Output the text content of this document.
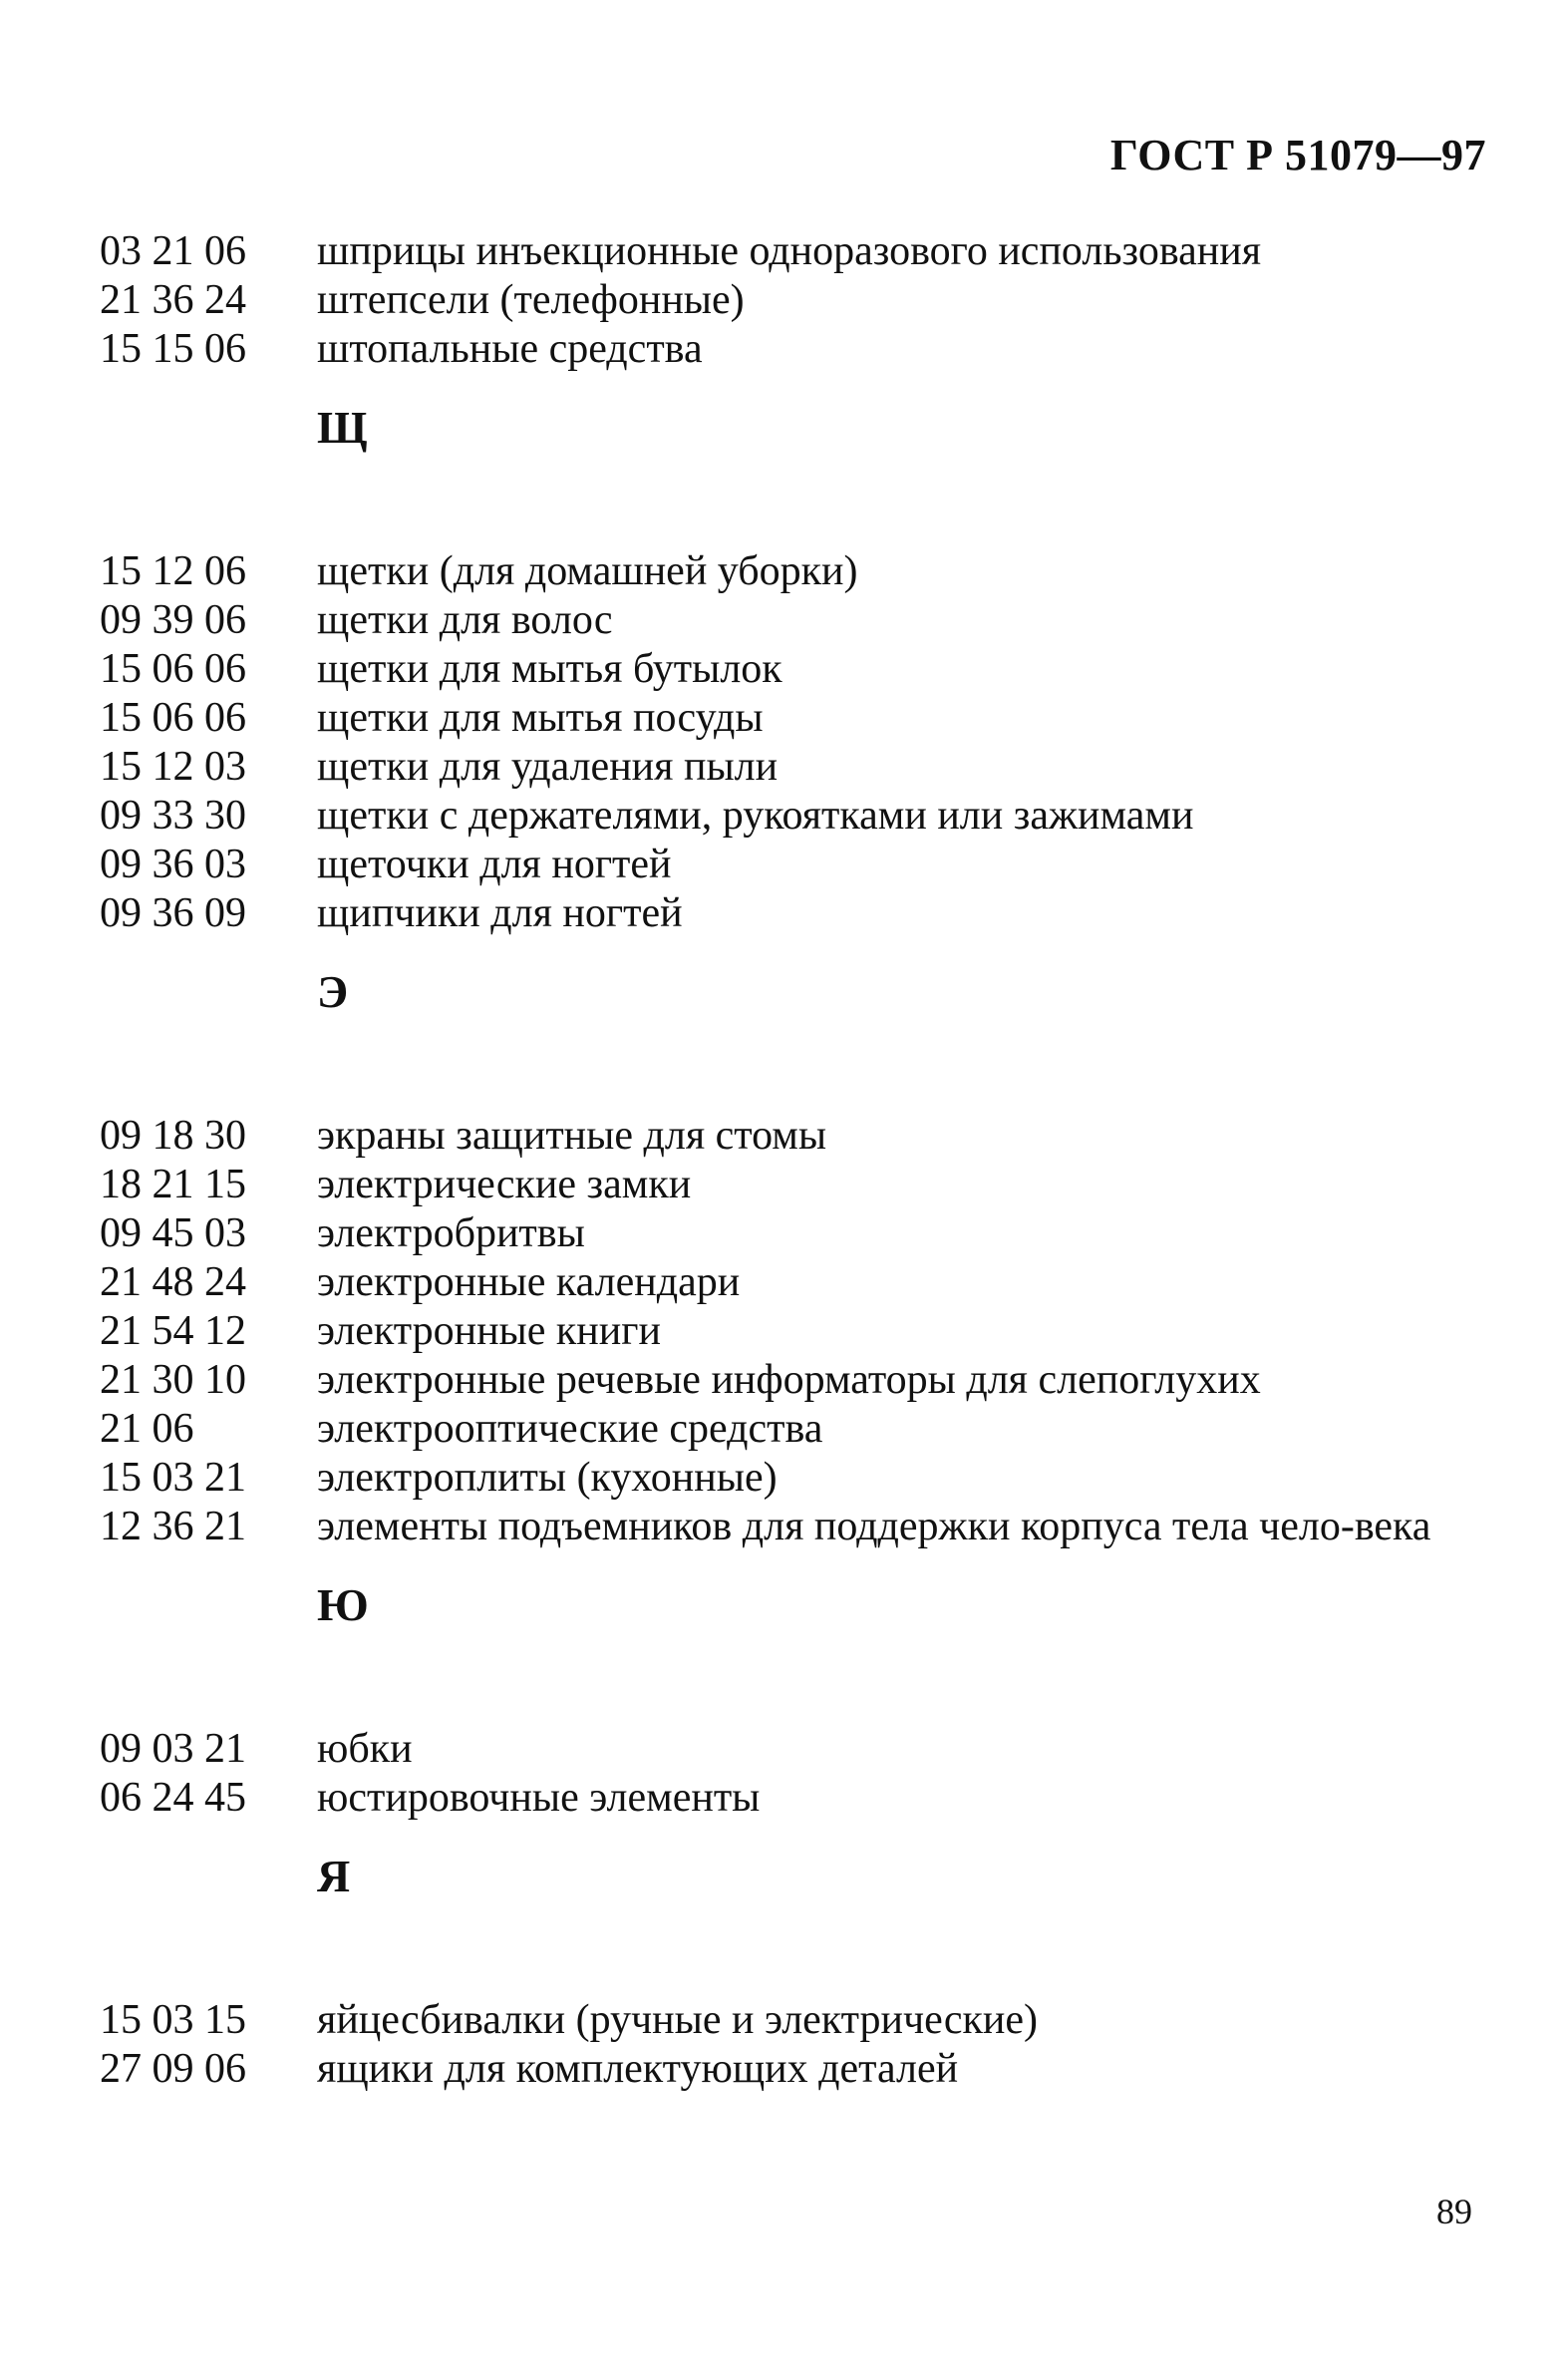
ГОСТ Р 51079—97
03 21 06	шприцы инъекционные одноразового использования
21 36 24	штепсели (телефонные)
15 15 06	штопальные средства
Щ
15 12 06	щетки (для домашней уборки)
09 39 06	щетки для волос
15 06 06	щетки для мытья бутылок
15 06 06	щетки для мытья посуды
15 12 03	щетки для удаления пыли
09 33 30	щетки с держателями, рукоятками или зажимами
09 36 03	щеточки для ногтей
09 36 09	щипчики для ногтей
Э
09 18 30	экраны защитные для стомы
18 21 15	электрические замки
09 45 03	электробритвы
21 48 24	электронные календари
21 54 12	электронные книги
21 30 10	электронные речевые информаторы для слепоглухих
21 06	электрооптические средства
15 03 21	электроплиты (кухонные)
12 36 21	элементы подъемников для поддержки корпуса тела чело-века
Ю
09 03 21	юбки
06 24 45	юстировочные элементы
Я
15 03 15	яйцесбивалки (ручные и электрические)
27 09 06	ящики для комплектующих деталей
89
